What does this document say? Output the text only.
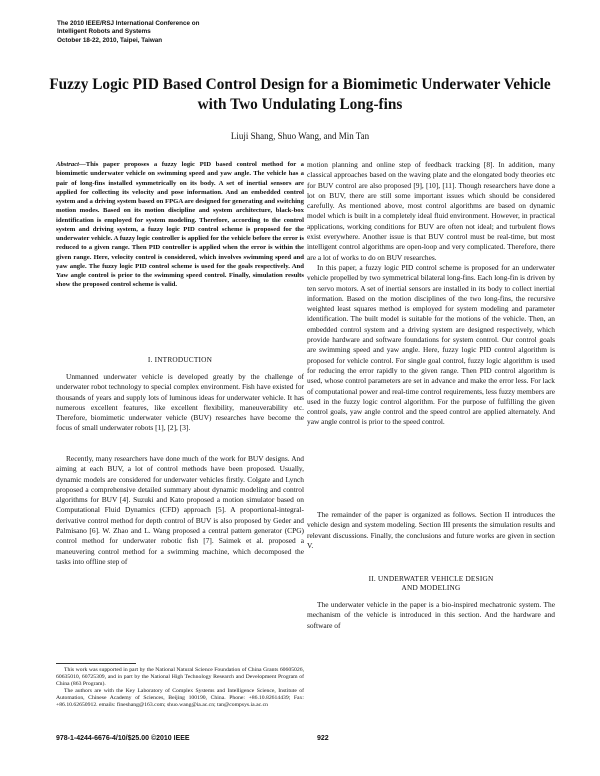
The 2010 IEEE/RSJ International Conference on
Intelligent Robots and Systems
October 18-22, 2010, Taipei, Taiwan
Fuzzy Logic PID Based Control Design for a Biomimetic Underwater Vehicle with Two Undulating Long-fins
Liuji Shang, Shuo Wang, and Min Tan

Abstract—This paper proposes a fuzzy logic PID based control method for a biomimetic underwater vehicle on swimming speed and yaw angle. The vehicle has a pair of long-fins installed symmetrically on its body. A set of inertial sensors are applied for collecting its velocity and pose information. And an embedded control system and a driving system based on FPGA are designed for generating and switching motion modes. Based on its motion discipline and system architecture, black-box identification is employed for system modeling. Therefore, according to the control system and driving system, a fuzzy logic PID control scheme is proposed for the underwater vehicle. A fuzzy logic controller is applied for the vehicle before the error is reduced to a given range. Then PID controller is applied when the error is within the given range. Here, velocity control is considered, which involves swimming speed and yaw angle. The fuzzy logic PID control scheme is used for the goals respectively. And Yaw angle control is prior to the swimming speed control. Finally, simulation results show the proposed control scheme is valid.

I. INTRODUCTION

Unmanned underwater vehicle is developed greatly by the challenge of underwater robot technology to special complex environment. Fish have existed for thousands of years and supply lots of luminous ideas for underwater vehicle. It has numerous excellent features, like excellent flexibility, maneuverability etc. Therefore, biomimetic underwater vehicle (BUV) researches have become the focus of small underwater robots [1], [2], [3].

Recently, many researchers have done much of the work for BUV designs. And aiming at each BUV, a lot of control methods have been proposed. Usually, dynamic models are considered for underwater vehicles firstly. Colgate and Lynch proposed a comprehensive detailed summary about dynamic modeling and control algorithms for BUV [4]. Suzuki and Kato proposed a motion simulator based on Computational Fluid Dynamics (CFD) approach [5]. A proportional-integral-derivative control method for depth control of BUV is also proposed by Geder and Palmisano [6]. W. Zhao and L. Wang proposed a central pattern generator (CPG) control method for underwater robotic fish [7]. Saimek et al. proposed a maneuvering control method for a swimming machine, which decomposed the tasks into offline step of

This work was supported in part by the National Natural Science Foundation of China Grants 60605026, 60635010, 60725309, and in part by the National High Technology Research and Development Program of China (863 Program).

The authors are with the Key Laboratory of Complex Systems and Intelligence Science, Institute of Automation, Chinese Academy of Sciences, Beijing 100190, China. Phone: +86.10.82614439; Fax: +86.10.62650912. emails: fineshang@163.com; shuo.wang@ia.ac.cn; tan@compsys.ia.ac.cn

motion planning and online step of feedback tracking [8]. In addition, many classical approaches based on the waving plate and the elongated body theories etc for BUV control are also proposed [9], [10], [11]. Though researchers have done a lot on BUV, there are still some important issues which should be considered carefully. As mentioned above, most control algorithms are based on dynamic model which is built in a completely ideal fluid environment. However, in practical applications, working conditions for BUV are often not ideal; and turbulent flows exist everywhere. Another issue is that BUV control must be real-time, but most intelligent control algorithms are open-loop and very complicated. Therefore, there are a lot of works to do on BUV researches.

In this paper, a fuzzy logic PID control scheme is proposed for an underwater vehicle propelled by two symmetrical bilateral long-fins. Each long-fin is driven by ten servo motors. A set of inertial sensors are installed in its body to collect inertial information. Based on the motion disciplines of the two long-fins, the recursive weighted least squares method is employed for system modeling and parameter identification. The built model is suitable for the motions of the vehicle. Then, an embedded control system and a driving system are designed respectively, which provide hardware and software foundations for system control. Our control goals are swimming speed and yaw angle. Here, fuzzy logic PID control algorithm is proposed for vehicle control. For single goal control, fuzzy logic algorithm is used for reducing the error rapidly to the given range. Then PID control algorithm is used, whose control parameters are set in advance and make the error less. For lack of computational power and real-time control requirements, less fuzzy members are used in the fuzzy logic control algorithm. For the purpose of fulfilling the given control goals, yaw angle control and the speed control are applied alternately. And yaw angle control is prior to the speed control.

The remainder of the paper is organized as follows. Section II introduces the vehicle design and system modeling. Section III presents the simulation results and relevant discussions. Finally, the conclusions and future works are given in section V.

II. UNDERWATER VEHICLE DESIGN

AND MODELING

The underwater vehicle in the paper is a bio-inspired mechatronic system. The mechanism of the vehicle is introduced in this section. And the hardware and software of

978-1-4244-6676-4/10/$25.00 ©2010 IEEE	922
